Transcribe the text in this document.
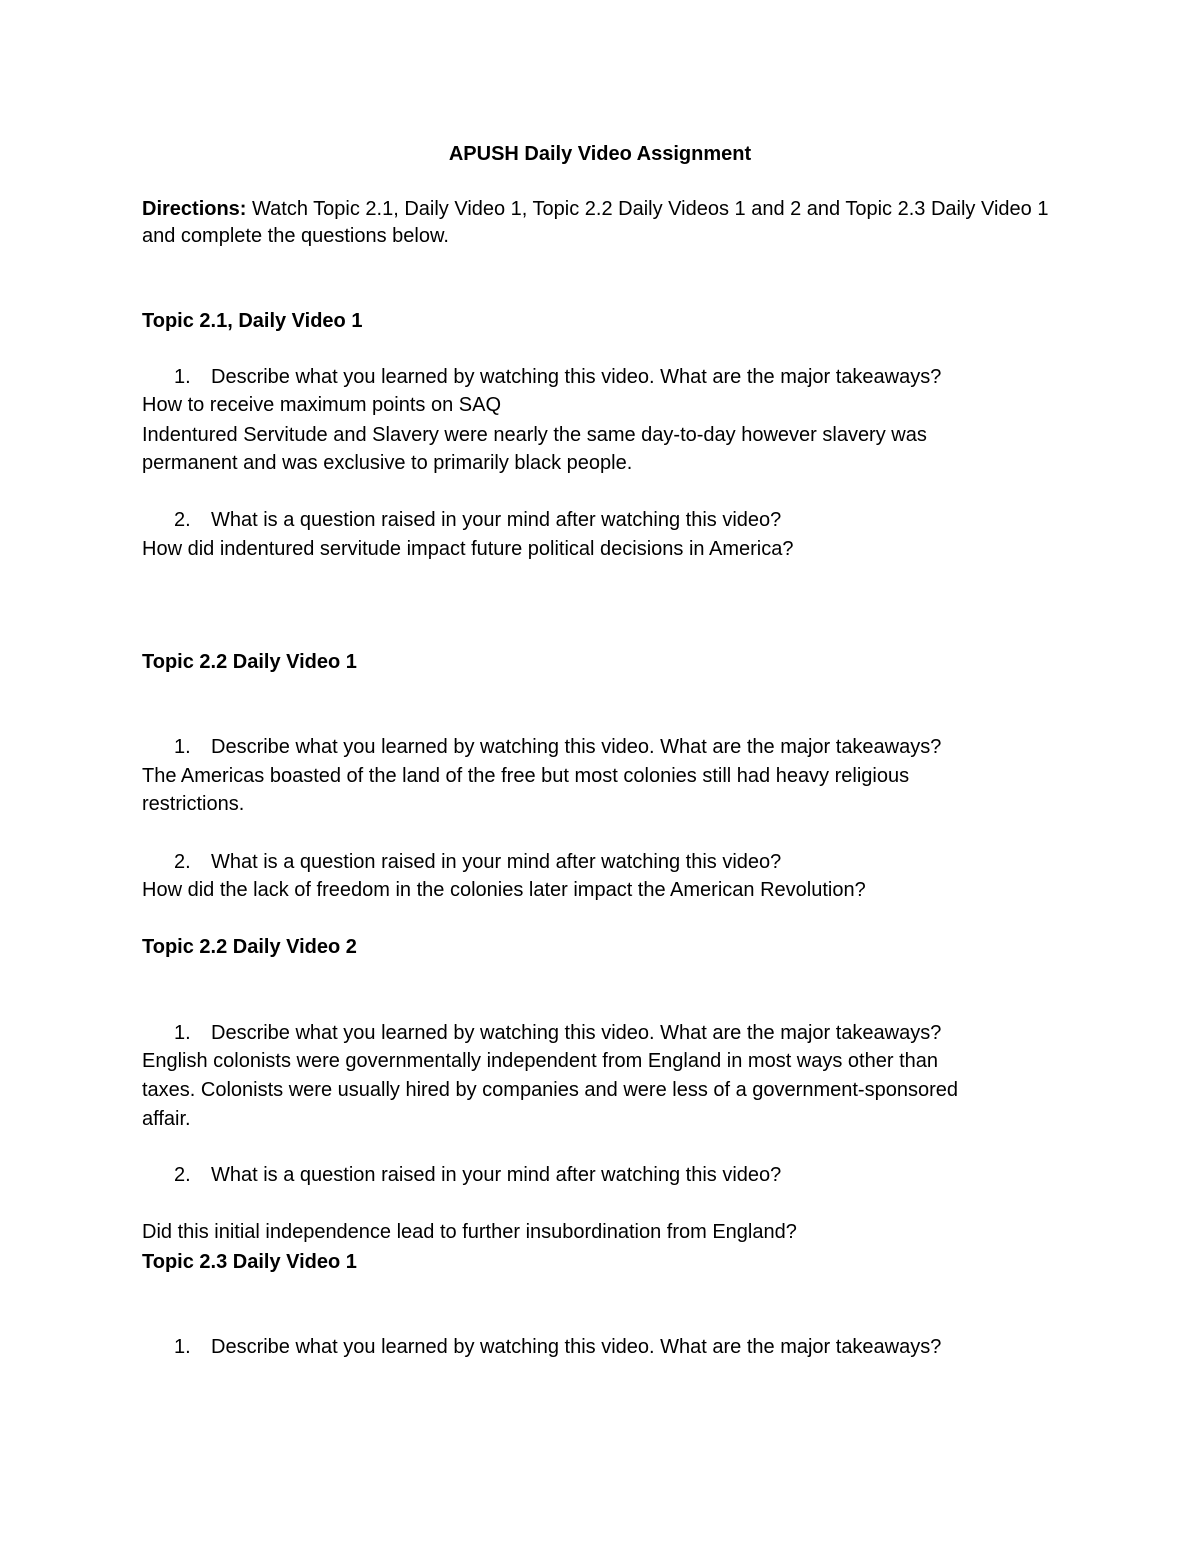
APUSH Daily Video Assignment

Directions: Watch Topic 2.1, Daily Video 1, Topic 2.2 Daily Videos 1 and 2 and Topic 2.3 Daily Video 1

and complete the questions below.

Topic 2.1, Daily Video 1

1. Describe what you learned by watching this video. What are the major takeaways?

How to receive maximum points on SAQ

Indentured Servitude and Slavery were nearly the same day-to-day however slavery was

permanent and was exclusive to primarily black people.

2. What is a question raised in your mind after watching this video?

How did indentured servitude impact future political decisions in America?

Topic 2.2 Daily Video 1

1. Describe what you learned by watching this video. What are the major takeaways?

The Americas boasted of the land of the free but most colonies still had heavy religious

restrictions.

2. What is a question raised in your mind after watching this video?

How did the lack of freedom in the colonies later impact the American Revolution?

Topic 2.2 Daily Video 2

1. Describe what you learned by watching this video. What are the major takeaways?

English colonists were governmentally independent from England in most ways other than

taxes. Colonists were usually hired by companies and were less of a government-sponsored

affair.

2. What is a question raised in your mind after watching this video?

Did this initial independence lead to further insubordination from England?

Topic 2.3 Daily Video 1

1. Describe what you learned by watching this video. What are the major takeaways?
